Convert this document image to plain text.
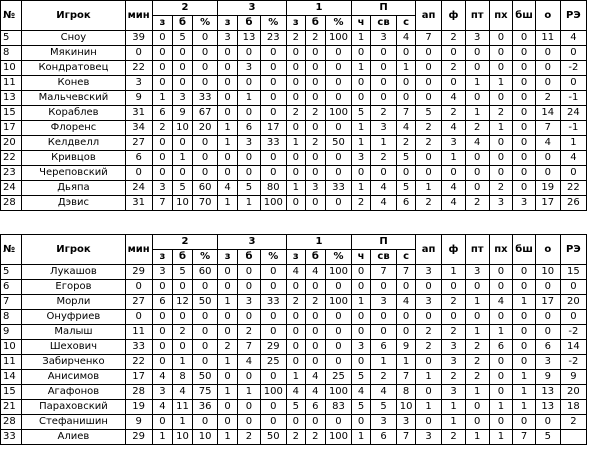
№	Игрок	мин	2			3			1			П			ап	ф	пт	пх	бш	о	РЭ
			з	б	%	з	б	%	з	б	%	ч	св	с							
5	Сноу	39	0	5	0	3	13	23	2	2	100	1	3	4	7	2	3	0	0	11	4
8	Мякинин	0	0	0	0	0	0	0	0	0	0	0	0	0	0	0	0	0	0	0	0
10	Кондратовец	22	0	0	0	0	3	0	0	0	0	1	0	1	0	2	0	0	0	0	-2
11	Конев	3	0	0	0	0	0	0	0	0	0	0	0	0	0	0	1	1	0	0	0
13	Мальчевский	9	1	3	33	0	1	0	0	0	0	0	0	0	0	4	0	0	0	2	-1
15	Кораблев	31	6	9	67	0	0	0	2	2	100	5	2	7	5	2	1	2	0	14	24
17	Флоренс	34	2	10	20	1	6	17	0	0	0	1	3	4	2	4	2	1	0	7	-1
20	Келдвелл	27	0	0	0	1	3	33	1	2	50	1	1	2	2	3	4	0	0	4	1
22	Кривцов	6	0	1	0	0	0	0	0	0	0	3	2	5	0	1	0	0	0	0	4
23	Череповский	0	0	0	0	0	0	0	0	0	0	0	0	0	0	0	0	0	0	0	0
24	Дьяпа	24	3	5	60	4	5	80	1	3	33	1	4	5	1	4	0	2	0	19	22
28	Дэвис	31	7	10	70	1	1	100	0	0	0	2	4	6	2	4	2	3	3	17	26
№	Игрок	мин	2			3			1			П			ап	ф	пт	пх	бш	о	РЭ
			з	б	%	з	б	%	з	б	%	ч	св	с							
5	Лукашов	29	3	5	60	0	0	0	4	4	100	0	7	7	3	1	3	0	0	10	15
6	Егоров	0	0	0	0	0	0	0	0	0	0	0	0	0	0	0	0	0	0	0	0
7	Морли	27	6	12	50	1	3	33	2	2	100	1	3	4	3	2	1	4	1	17	20
8	Онуфриев	0	0	0	0	0	0	0	0	0	0	0	0	0	0	0	0	0	0	0	0
9	Малыш	11	0	2	0	0	2	0	0	0	0	0	0	0	2	2	1	1	0	0	-2
10	Шехович	33	0	0	0	2	7	29	0	0	0	3	6	9	2	3	2	6	0	6	14
11	Забирченко	22	0	1	0	1	4	25	0	0	0	0	1	1	0	3	2	0	0	3	-2
14	Анисимов	17	4	8	50	0	0	0	1	4	25	5	2	7	1	2	2	0	1	9	9
15	Агафонов	28	3	4	75	1	1	100	4	4	100	4	4	8	0	3	1	0	1	13	20
21	Параховский	19	4	11	36	0	0	0	5	6	83	5	5	10	1	1	0	1	1	13	18
28	Стефанишин	9	0	1	0	0	0	0	0	0	0	0	3	3	0	1	0	0	0	0	2
33	Алиев	29	1	10	10	1	2	50	2	2	100	1	6	7	3	2	1	1	7	5	
